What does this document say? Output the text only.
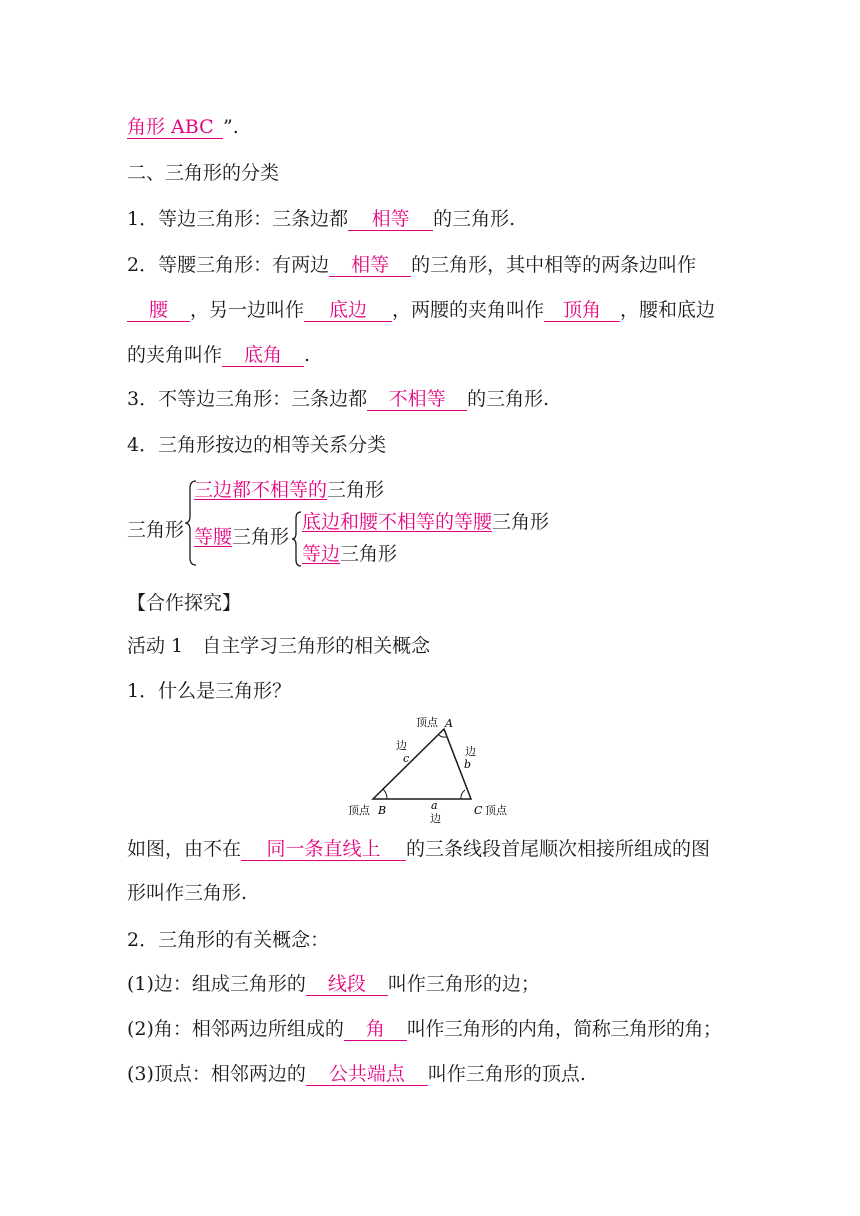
角形 ABC ”.
二、三角形的分类
1．等边三角形：三条边都 相等 的三角形.
2．等腰三角形：有两边 相等 的三角形，其中相等的两条边叫作
腰 ，另一边叫作 底边 ，两腰的夹角叫作 顶角 ，腰和底边
的夹角叫作 底角 .
3．不等边三角形：三条边都 不相等 的三角形.
4．三角形按边的相等关系分类
三角形
三边都不相等的三角形
等腰三角形
底边和腰不相等的等腰三角形
等边三角形
【合作探究】
活动 1　自主学习三角形的相关概念
1．什么是三角形？
顶点 A
边
c
边
b
顶点 B	a
边
C 顶点
如图，由不在 同一条直线上 的三条线段首尾顺次相接所组成的图
形叫作三角形.
2．三角形的有关概念：
(1)边：组成三角形的 线段 叫作三角形的边；
(2)角：相邻两边所组成的 角 叫作三角形的内角，简称三角形的角；
(3)顶点：相邻两边的 公共端点 叫作三角形的顶点.
